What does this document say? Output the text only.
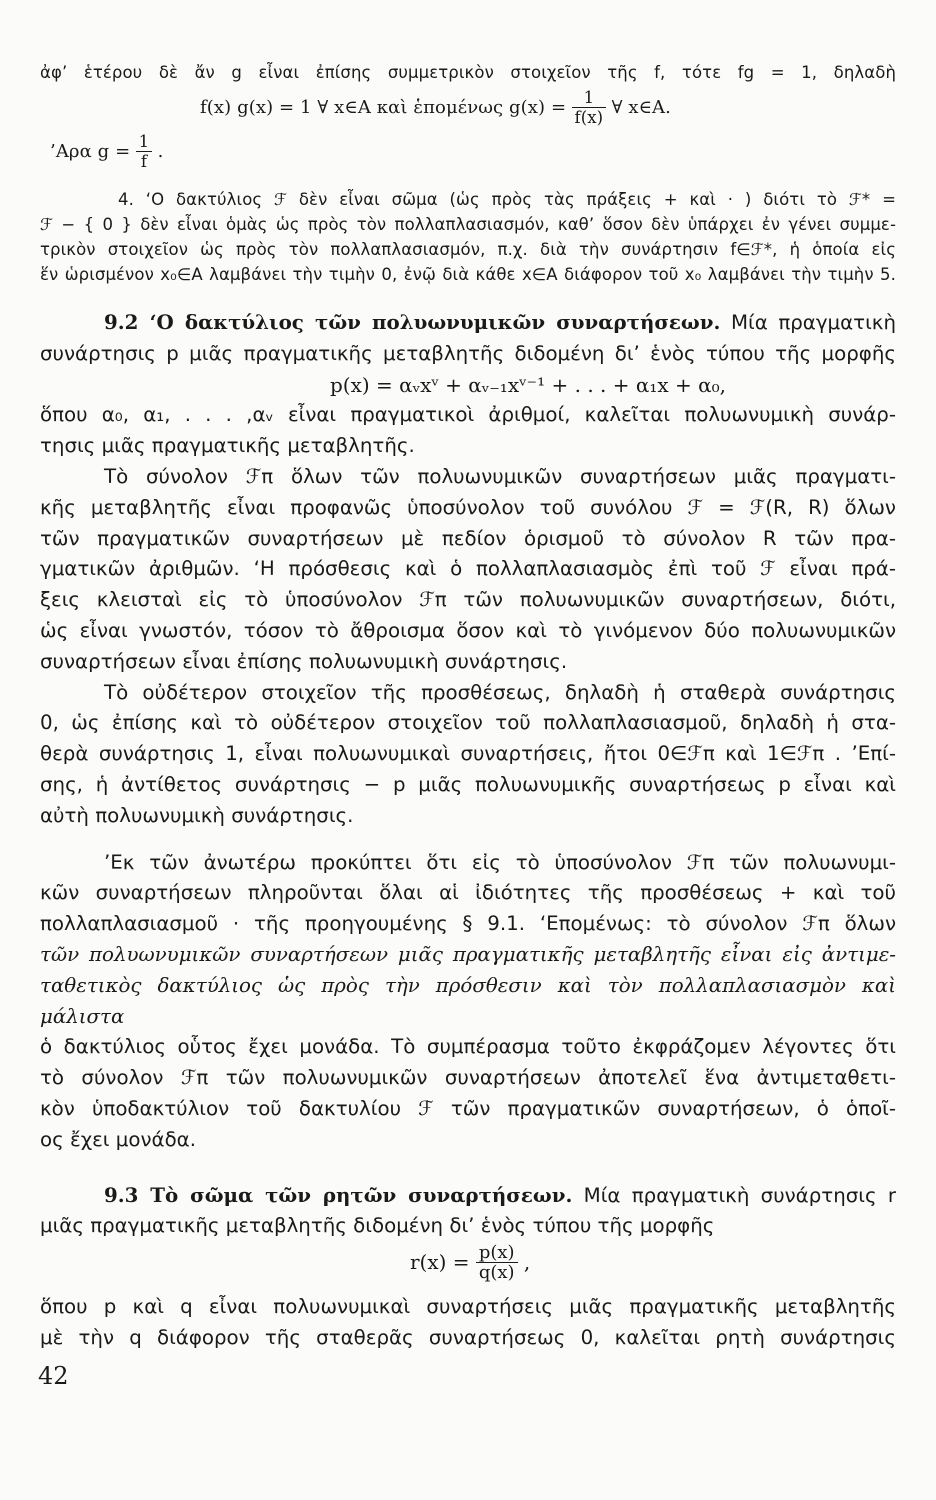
ἀφ’ ἑτέρου δὲ ἄν g εἶναι ἐπίσης συμμετρικὸν στοιχεῖον τῆς f, τότε fg = 1, δηλαδὴ
f(x) g(x) = 1 ∀ x∈A καὶ ἑπομένως $g(x) = \frac{1}{f(x)}$ ∀ x∈A.
’Αρα $g = \frac{1}{f}$ .
4. ‘Ο δακτύλιος ℱ δὲν εἶναι σῶμα (ὡς πρὸς τὰς πράξεις + καὶ · ) διότι τὸ ℱ* =
ℱ − { 0 } δὲν εἶναι ὁμὰς ὡς πρὸς τὸν πολλαπλασιασμόν, καθ’ ὅσον δὲν ὑπάρχει ἐν γένει συμμε-
τρικὸν στοιχεῖον ὡς πρὸς τὸν πολλαπλασιασμόν, π.χ. διὰ τὴν συνάρτησιν f∈ℱ*, ἡ ὁποία εἰς
ἕν ὡρισμένον x₀∈A λαμβάνει τὴν τιμὴν 0, ἐνῷ διὰ κάθε x∈A διάφορον τοῦ x₀ λαμβάνει τὴν τιμὴν 5.
9.2 ‘Ο δακτύλιος τῶν πολυωνυμικῶν συναρτήσεων. Μία πραγματικὴ
συνάρτησις p μιᾶς πραγματικῆς μεταβλητῆς διδομένη δι’ ἑνὸς τύπου τῆς μορφῆς
p(x) = αᵥxᵛ + αᵥ₋₁xᵛ⁻¹ + . . . + α₁x + α₀,
ὅπου α₀, α₁, . . . ,αᵥ εἶναι πραγματικοὶ ἀριθμοί, καλεῖται πολυωνυμικὴ συνάρ-
τησις μιᾶς πραγματικῆς μεταβλητῆς.
Τὸ σύνολον ℱπ ὅλων τῶν πολυωνυμικῶν συναρτήσεων μιᾶς πραγματι-
κῆς μεταβλητῆς εἶναι προφανῶς ὑποσύνολον τοῦ συνόλου ℱ = ℱ(R, R) ὅλων
τῶν πραγματικῶν συναρτήσεων μὲ πεδίον ὁρισμοῦ τὸ σύνολον R τῶν πρα-
γματικῶν ἀριθμῶν. ‘Η πρόσθεσις καὶ ὁ πολλαπλασιασμὸς ἐπὶ τοῦ ℱ εἶναι πρά-
ξεις κλεισταὶ εἰς τὸ ὑποσύνολον ℱπ τῶν πολυωνυμικῶν συναρτήσεων, διότι,
ὡς εἶναι γνωστόν, τόσον τὸ ἄθροισμα ὅσον καὶ τὸ γινόμενον δύο πολυωνυμικῶν
συναρτήσεων εἶναι ἐπίσης πολυωνυμικὴ συνάρτησις.
Τὸ οὐδέτερον στοιχεῖον τῆς προσθέσεως, δηλαδὴ ἡ σταθερὰ συνάρτησις
0, ὡς ἐπίσης καὶ τὸ οὐδέτερον στοιχεῖον τοῦ πολλαπλασιασμοῦ, δηλαδὴ ἡ στα-
θερὰ συνάρτησις 1, εἶναι πολυωνυμικαὶ συναρτήσεις, ἤτοι 0∈ℱπ καὶ 1∈ℱπ . ’Επί-
σης, ἡ ἀντίθετος συνάρτησις − p μιᾶς πολυωνυμικῆς συναρτήσεως p εἶναι καὶ
αὐτὴ πολυωνυμικὴ συνάρτησις.
’Εκ τῶν ἀνωτέρω προκύπτει ὅτι εἰς τὸ ὑποσύνολον ℱπ τῶν πολυωνυμι-
κῶν συναρτήσεων πληροῦνται ὅλαι αἱ ἰδιότητες τῆς προσθέσεως + καὶ τοῦ
πολλαπλασιασμοῦ · τῆς προηγουμένης § 9.1. ‘Επομένως: τὸ σύνολον ℱπ ὅλων
τῶν πολυωνυμικῶν συναρτήσεων μιᾶς πραγματικῆς μεταβλητῆς εἶναι εἰς ἀντιμε-
ταθετικὸς δακτύλιος ὡς πρὸς τὴν πρόσθεσιν καὶ τὸν πολλαπλασιασμὸν καὶ μάλιστα
ὁ δακτύλιος οὗτος ἔχει μονάδα. Τὸ συμπέρασμα τοῦτο ἐκφράζομεν λέγοντες ὅτι
τὸ σύνολον ℱπ τῶν πολυωνυμικῶν συναρτήσεων ἀποτελεῖ ἕνα ἀντιμεταθετι-
κὸν ὑποδακτύλιον τοῦ δακτυλίου ℱ τῶν πραγματικῶν συναρτήσεων, ὁ ὁποῖ-
ος ἔχει μονάδα.
9.3 Τὸ σῶμα τῶν ρητῶν συναρτήσεων. Μία πραγματικὴ συνάρτησις r
μιᾶς πραγματικῆς μεταβλητῆς διδομένη δι’ ἑνὸς τύπου τῆς μορφῆς
$r(x) = \frac{p(x)}{q(x)}$ ,
ὅπου p καὶ q εἶναι πολυωνυμικαὶ συναρτήσεις μιᾶς πραγματικῆς μεταβλητῆς
μὲ τὴν q διάφορον τῆς σταθερᾶς συναρτήσεως 0, καλεῖται ρητὴ συνάρτησις
42
